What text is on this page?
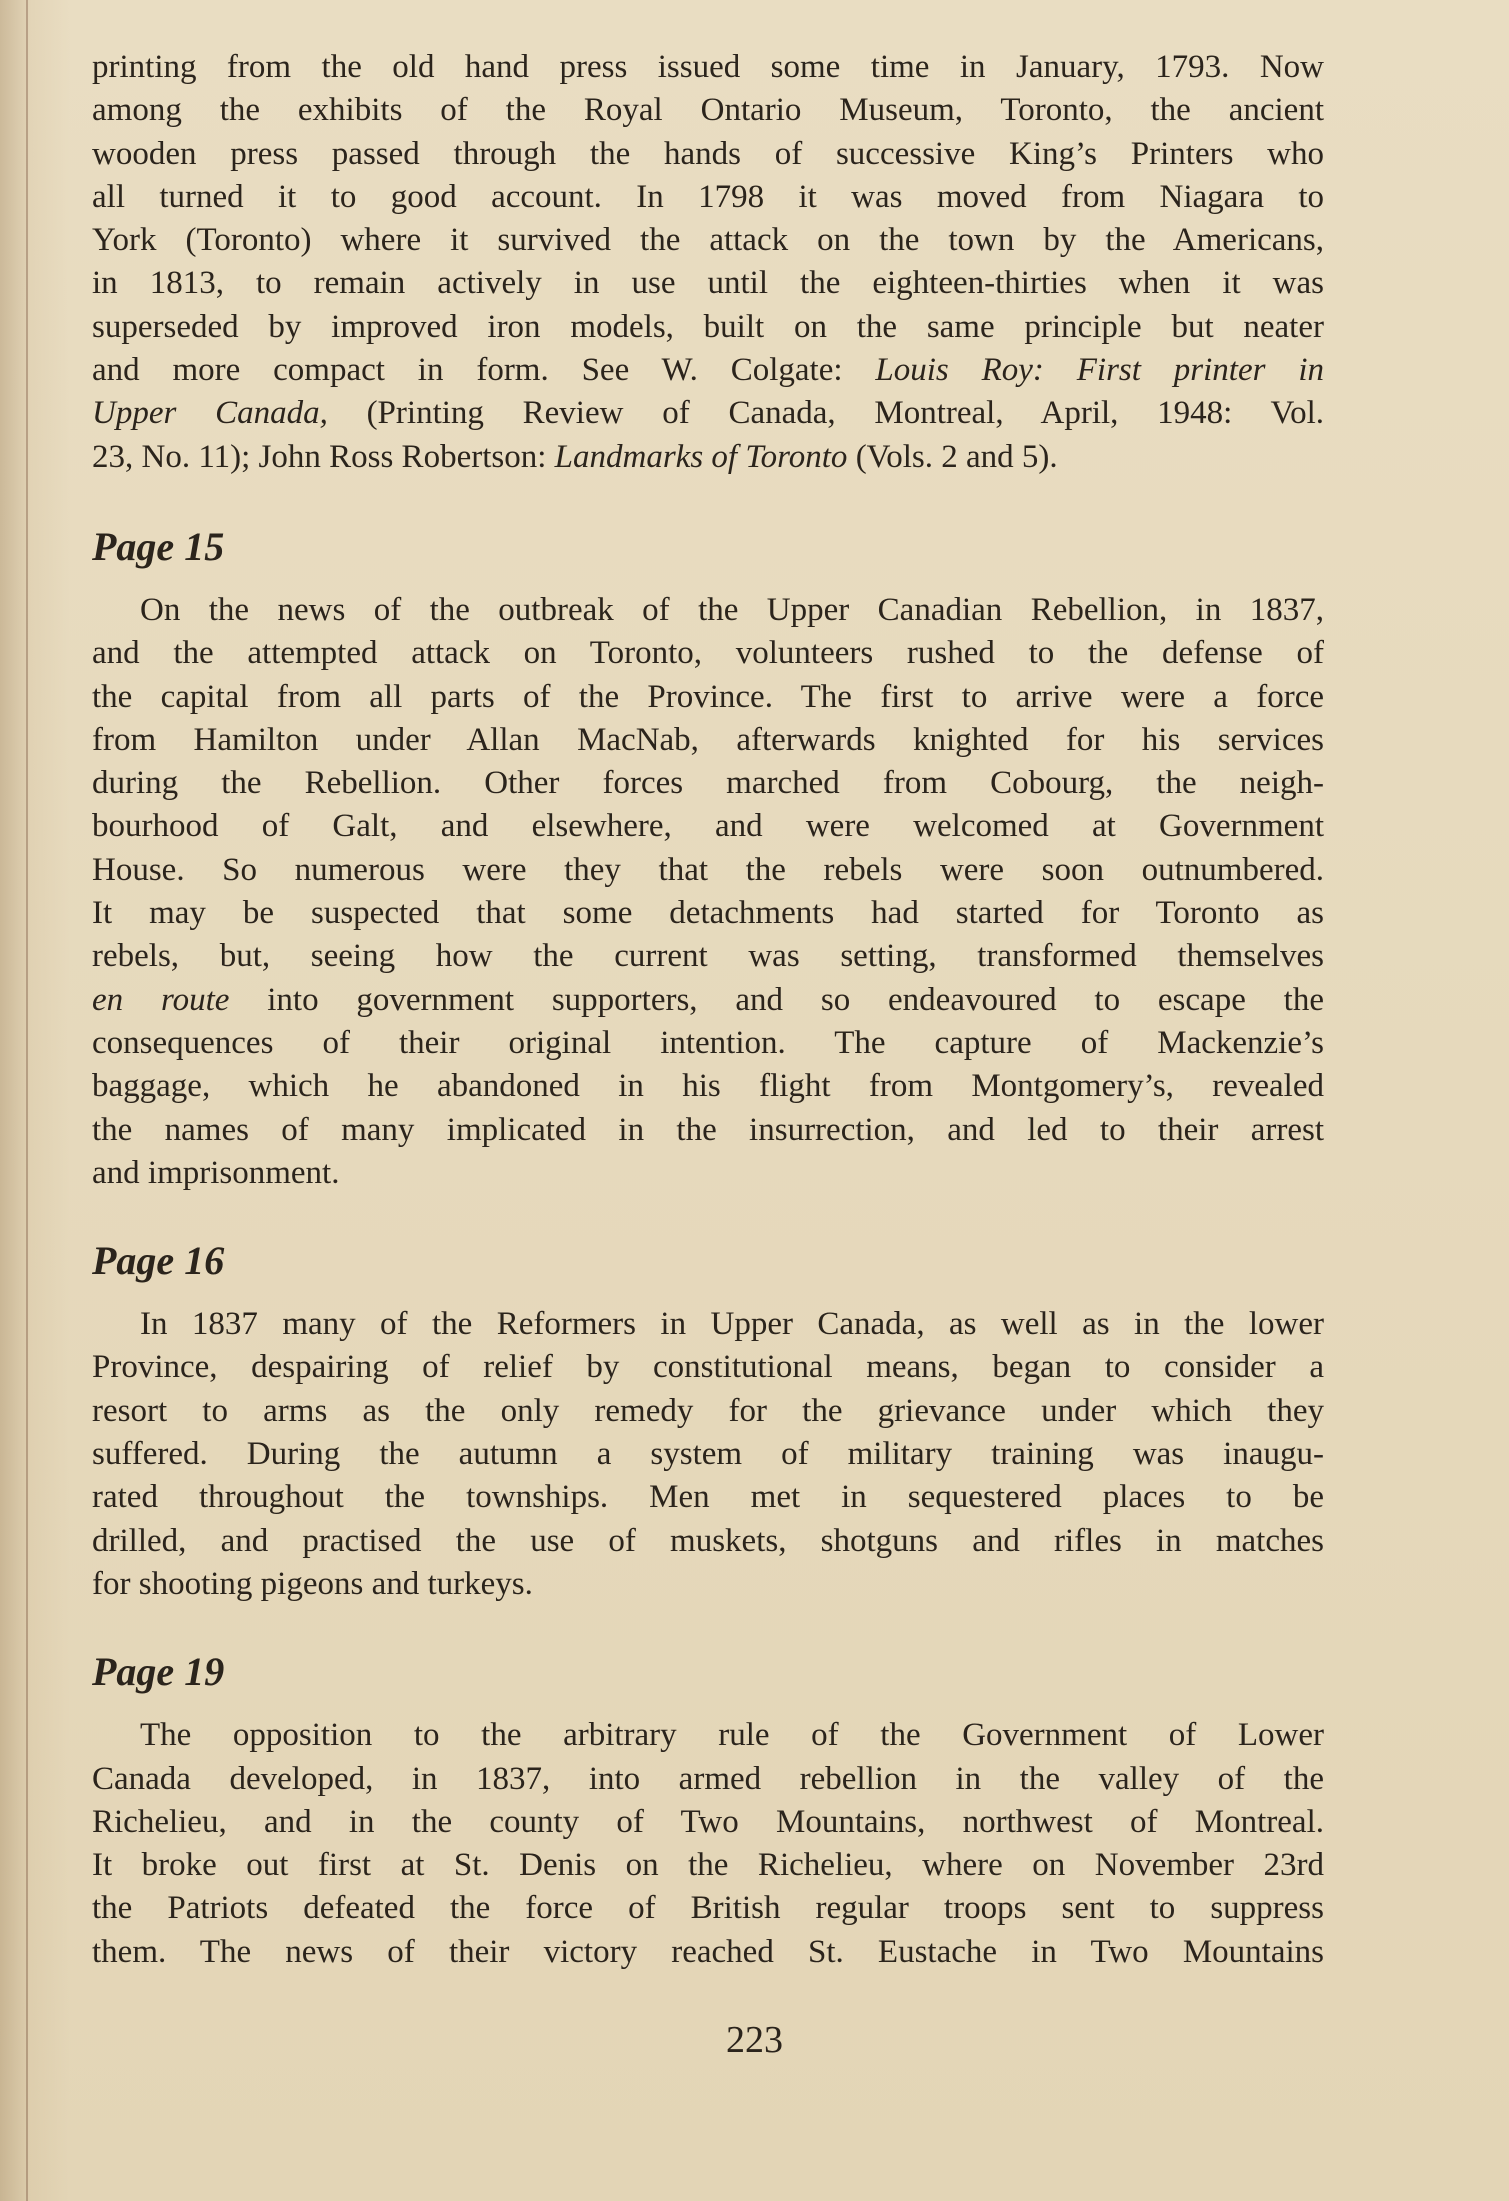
printing from the old hand press issued some time in January, 1793. Now
among the exhibits of the Royal Ontario Museum, Toronto, the ancient
wooden press passed through the hands of successive King’s Printers who
all turned it to good account. In 1798 it was moved from Niagara to
York (Toronto) where it survived the attack on the town by the Americans,
in 1813, to remain actively in use until the eighteen-thirties when it was
superseded by improved iron models, built on the same principle but neater
and more compact in form. See W. Colgate: Louis Roy: First printer in
Upper Canada, (Printing Review of Canada, Montreal, April, 1948: Vol.
23, No. 11); John Ross Robertson: Landmarks of Toronto (Vols. 2 and 5).
Page 15
On the news of the outbreak of the Upper Canadian Rebellion, in 1837,
and the attempted attack on Toronto, volunteers rushed to the defense of
the capital from all parts of the Province. The first to arrive were a force
from Hamilton under Allan MacNab, afterwards knighted for his services
during the Rebellion. Other forces marched from Cobourg, the neigh-
bourhood of Galt, and elsewhere, and were welcomed at Government
House. So numerous were they that the rebels were soon outnumbered.
It may be suspected that some detachments had started for Toronto as
rebels, but, seeing how the current was setting, transformed themselves
en route into government supporters, and so endeavoured to escape the
consequences of their original intention. The capture of Mackenzie’s
baggage, which he abandoned in his flight from Montgomery’s, revealed
the names of many implicated in the insurrection, and led to their arrest
and imprisonment.
Page 16
In 1837 many of the Reformers in Upper Canada, as well as in the lower
Province, despairing of relief by constitutional means, began to consider a
resort to arms as the only remedy for the grievance under which they
suffered. During the autumn a system of military training was inaugu-
rated throughout the townships. Men met in sequestered places to be
drilled, and practised the use of muskets, shotguns and rifles in matches
for shooting pigeons and turkeys.
Page 19
The opposition to the arbitrary rule of the Government of Lower
Canada developed, in 1837, into armed rebellion in the valley of the
Richelieu, and in the county of Two Mountains, northwest of Montreal.
It broke out first at St. Denis on the Richelieu, where on November 23rd
the Patriots defeated the force of British regular troops sent to suppress
them. The news of their victory reached St. Eustache in Two Mountains
223
